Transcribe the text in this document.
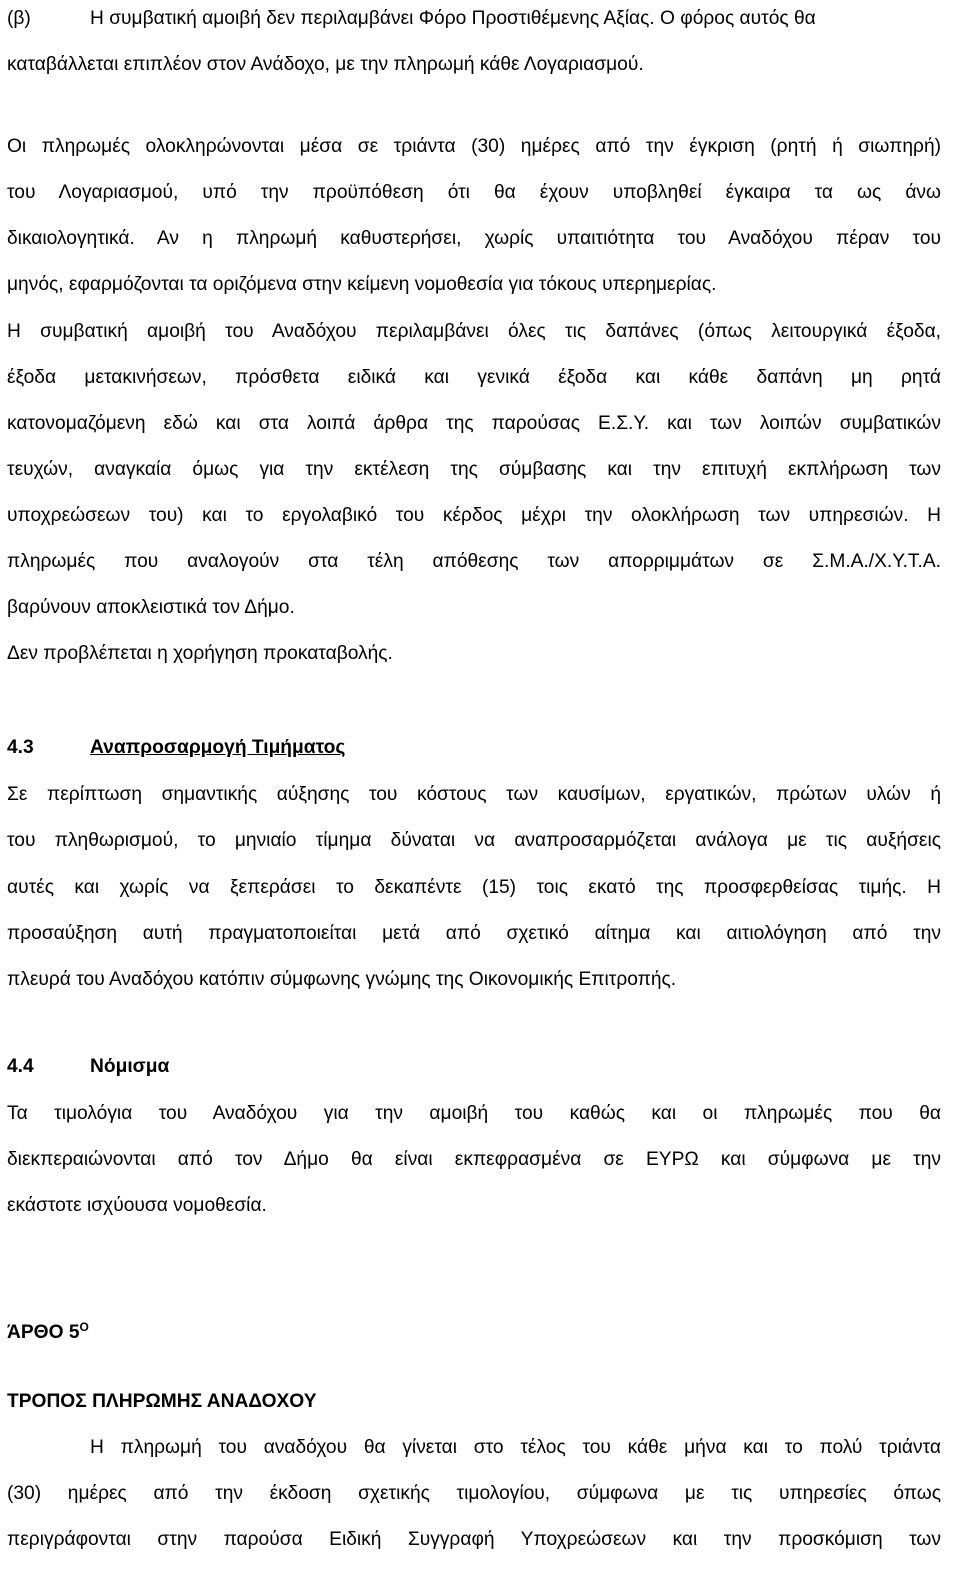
(β)	Η συμβατική αμοιβή δεν περιλαμβάνει Φόρο Προστιθέμενης Αξίας. Ο φόρος αυτός θα
καταβάλλεται επιπλέον στον Ανάδοχο, με την πληρωμή κάθε Λογαριασμού.
Οι πληρωμές ολοκληρώνονται μέσα σε τριάντα (30) ημέρες από την έγκριση (ρητή ή σιωπηρή)
του Λογαριασμού, υπό την προϋπόθεση ότι θα έχουν υποβληθεί έγκαιρα τα ως άνω
δικαιολογητικά. Αν η πληρωμή καθυστερήσει, χωρίς υπαιτιότητα του Αναδόχου πέραν του
μηνός, εφαρμόζονται τα οριζόμενα στην κείμενη νομοθεσία για τόκους υπερημερίας.
Η συμβατική αμοιβή του Αναδόχου περιλαμβάνει όλες τις δαπάνες (όπως λειτουργικά έξοδα,
έξοδα μετακινήσεων, πρόσθετα ειδικά και γενικά έξοδα και κάθε δαπάνη μη ρητά
κατονομαζόμενη εδώ και στα λοιπά άρθρα της παρούσας Ε.Σ.Υ. και των λοιπών συμβατικών
τευχών, αναγκαία όμως για την εκτέλεση της σύμβασης και την επιτυχή εκπλήρωση των
υποχρεώσεων του) και το εργολαβικό του κέρδος μέχρι την ολοκλήρωση των υπηρεσιών. Η
πληρωμές που αναλογούν στα τέλη απόθεσης των απορριμμάτων σε Σ.Μ.Α./Χ.Υ.Τ.Α.
βαρύνουν αποκλειστικά τον Δήμο.
Δεν προβλέπεται η χορήγηση προκαταβολής.
4.3	Αναπροσαρμογή Τιμήματος
Σε περίπτωση σημαντικής αύξησης του κόστους των καυσίμων, εργατικών, πρώτων υλών ή
του πληθωρισμού, το μηνιαίο τίμημα δύναται να αναπροσαρμόζεται ανάλογα με τις αυξήσεις
αυτές και χωρίς να ξεπεράσει το δεκαπέντε (15) τοις εκατό της προσφερθείσας τιμής. Η
προσαύξηση αυτή πραγματοποιείται μετά από σχετικό αίτημα και αιτιολόγηση από την
πλευρά του Αναδόχου κατόπιν σύμφωνης γνώμης της Οικονομικής Επιτροπής.
4.4	Νόμισμα
Τα τιμολόγια του Αναδόχου για την αμοιβή του καθώς και οι πληρωμές που θα
διεκπεραιώνονται από τον Δήμο θα είναι εκπεφρασμένα σε ΕΥΡΩ και σύμφωνα με την
εκάστοτε ισχύουσα νομοθεσία.
ΆΡΘΟ $5^O$
ΤΡΟΠΟΣ ΠΛΗΡΩΜΗΣ ΑΝΑΔΟΧΟΥ
Η πληρωμή του αναδόχου θα γίνεται στο τέλος του κάθε μήνα και το πολύ τριάντα
(30) ημέρες από την έκδοση σχετικής τιμολογίου, σύμφωνα με τις υπηρεσίες όπως
περιγράφονται στην παρούσα Ειδική Συγγραφή Υποχρεώσεων και την προσκόμιση των
